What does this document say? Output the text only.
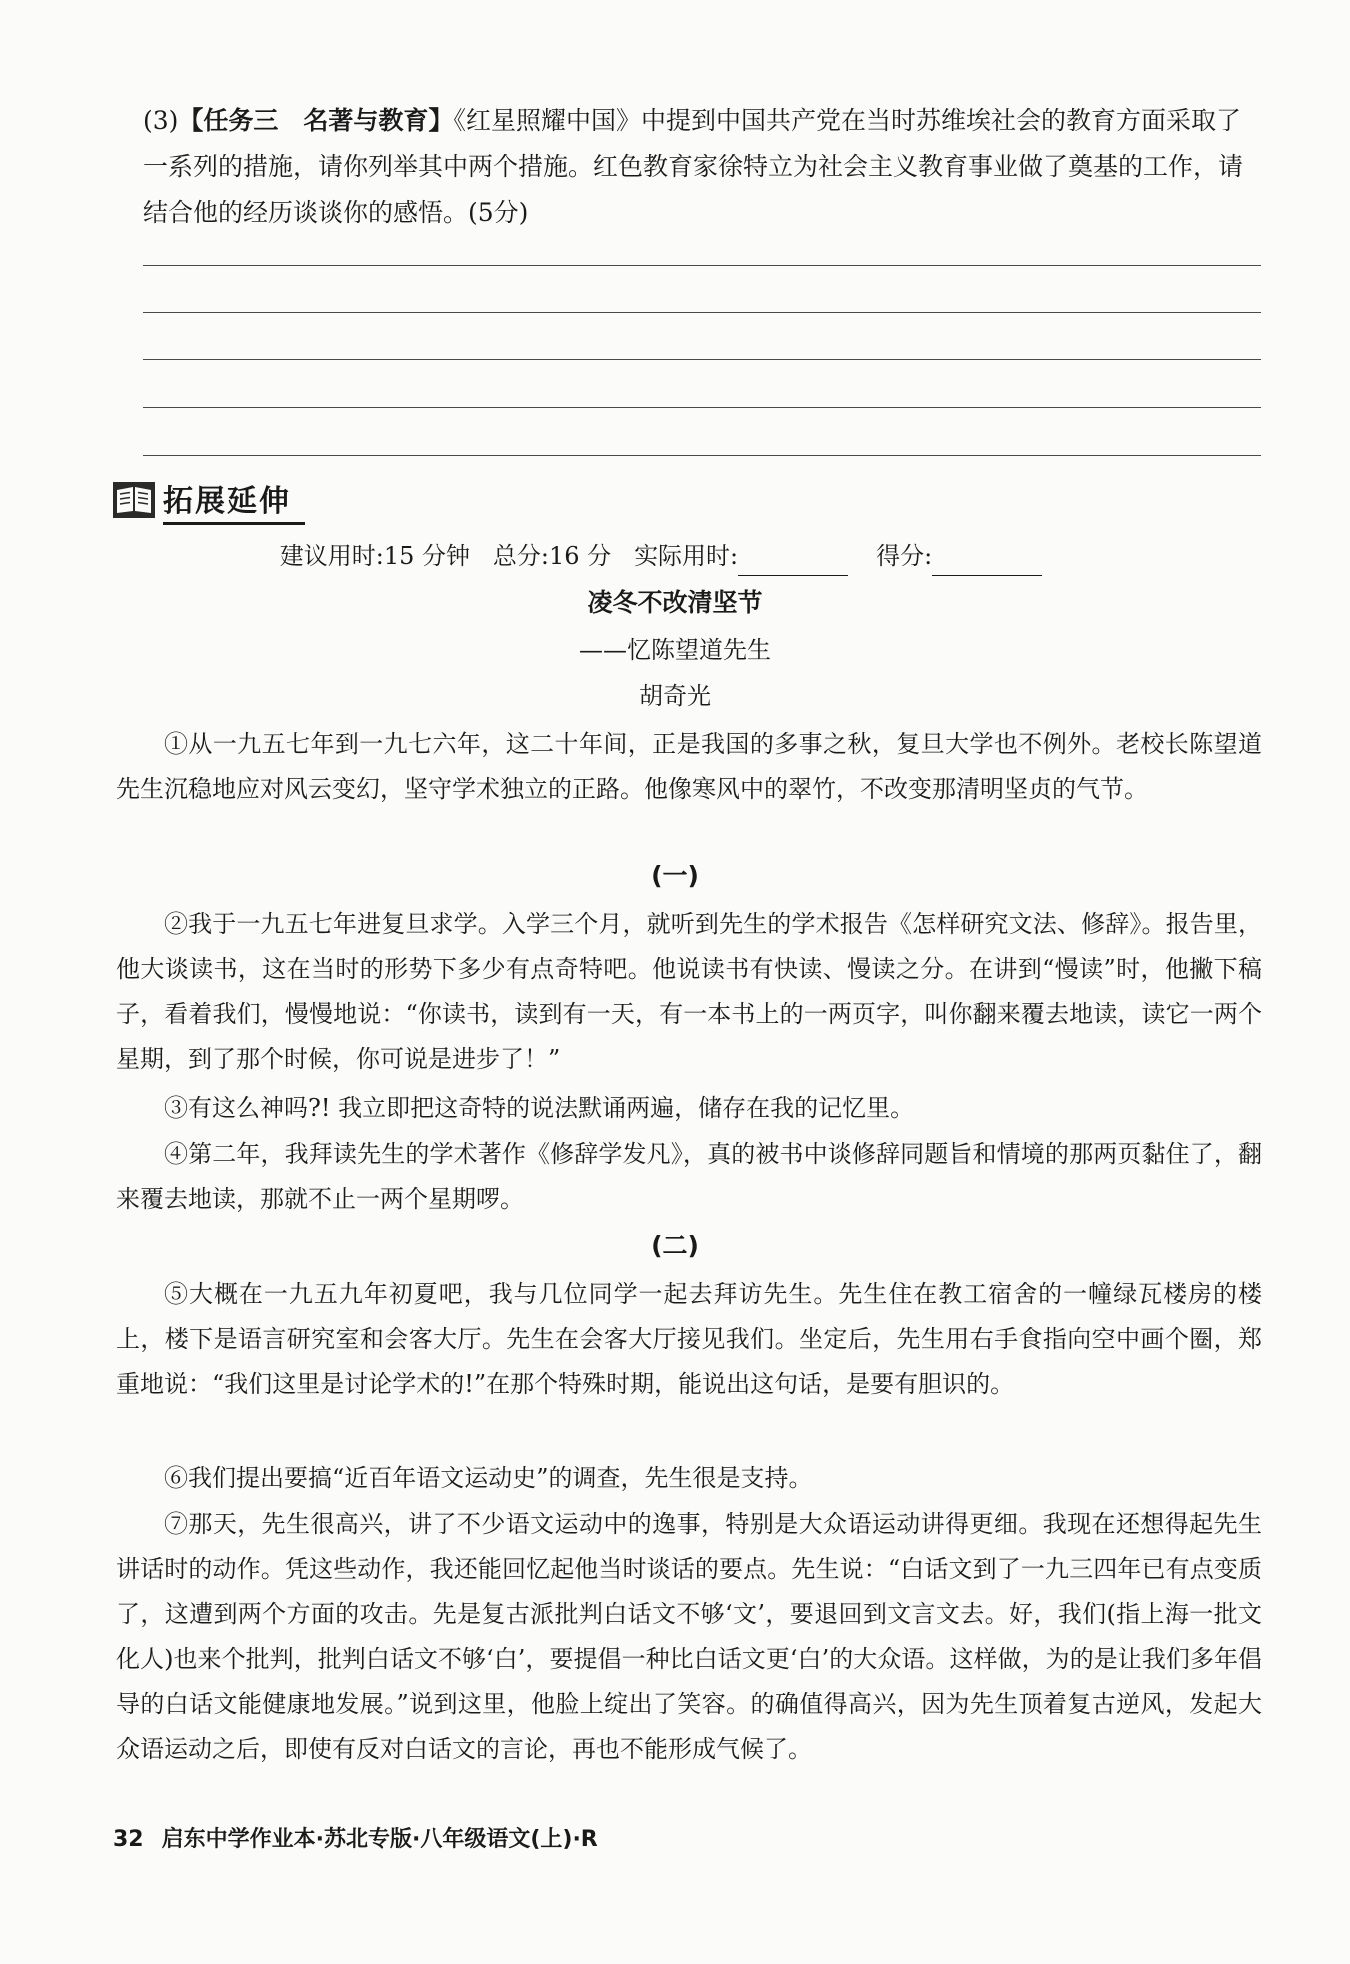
(3)【任务三　名著与教育】《红星照耀中国》中提到中国共产党在当时苏维埃社会的教育方面采取了一系列的措施，请你列举其中两个措施。红色教育家徐特立为社会主义教育事业做了奠基的工作，请结合他的经历谈谈你的感悟。(5分)
拓展延伸
建议用时:15 分钟 总分:16 分 实际用时:	得分:
凌冬不改清坚节
——忆陈望道先生
胡奇光
①从一九五七年到一九七六年，这二十年间，正是我国的多事之秋，复旦大学也不例外。老校长陈望道先生沉稳地应对风云变幻，坚守学术独立的正路。他像寒风中的翠竹，不改变那清明坚贞的气节。
(一)
②我于一九五七年进复旦求学。入学三个月，就听到先生的学术报告《怎样研究文法、修辞》。报告里，他大谈读书，这在当时的形势下多少有点奇特吧。他说读书有快读、慢读之分。在讲到“慢读”时，他撇下稿子，看着我们，慢慢地说：“你读书，读到有一天，有一本书上的一两页字，叫你翻来覆去地读，读它一两个星期，到了那个时候，你可说是进步了！”
③有这么神吗?! 我立即把这奇特的说法默诵两遍，储存在我的记忆里。
④第二年，我拜读先生的学术著作《修辞学发凡》，真的被书中谈修辞同题旨和情境的那两页黏住了，翻来覆去地读，那就不止一两个星期啰。
(二)
⑤大概在一九五九年初夏吧，我与几位同学一起去拜访先生。先生住在教工宿舍的一幢绿瓦楼房的楼上，楼下是语言研究室和会客大厅。先生在会客大厅接见我们。坐定后，先生用右手食指向空中画个圈，郑重地说：“我们这里是讨论学术的!”在那个特殊时期，能说出这句话，是要有胆识的。
⑥我们提出要搞“近百年语文运动史”的调查，先生很是支持。
⑦那天，先生很高兴，讲了不少语文运动中的逸事，特别是大众语运动讲得更细。我现在还想得起先生讲话时的动作。凭这些动作，我还能回忆起他当时谈话的要点。先生说：“白话文到了一九三四年已有点变质了，这遭到两个方面的攻击。先是复古派批判白话文不够‘文’，要退回到文言文去。好，我们(指上海一批文化人)也来个批判，批判白话文不够‘白’，要提倡一种比白话文更‘白’的大众语。这样做，为的是让我们多年倡导的白话文能健康地发展。”说到这里，他脸上绽出了笑容。的确值得高兴，因为先生顶着复古逆风，发起大众语运动之后，即使有反对白话文的言论，再也不能形成气候了。
32 启东中学作业本·苏北专版·八年级语文(上)·R
